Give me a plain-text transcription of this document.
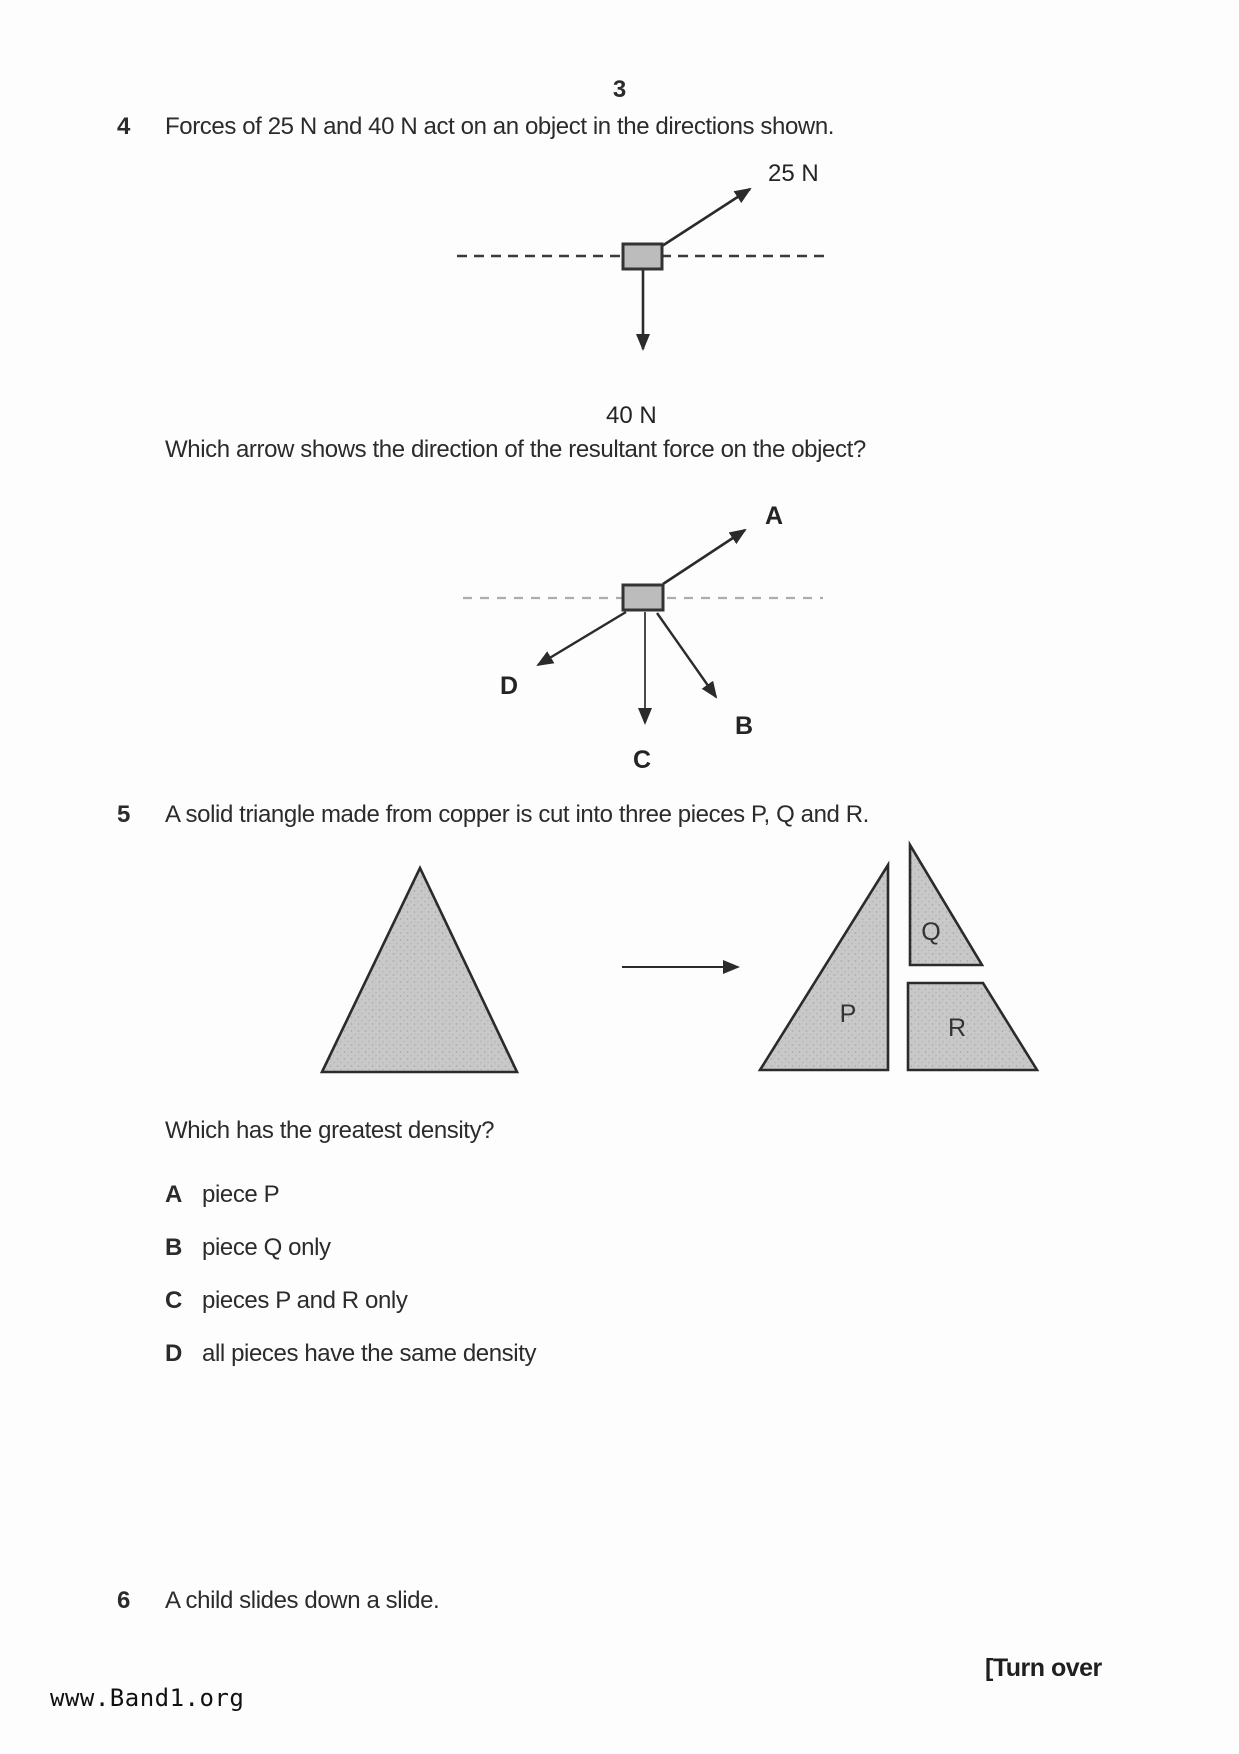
3
4 Forces of 25 N and 40 N act on an object in the directions shown.
25 N
40 N
Which arrow shows the direction of the resultant force on the object?
A
B
C
D
5 A solid triangle made from copper is cut into three pieces P, Q and R.
P
Q
R
Which has the greatest density?
A piece P
B piece Q only
C pieces P and R only
D all pieces have the same density
6 A child slides down a slide.
[Turn over
www.Band1.org
